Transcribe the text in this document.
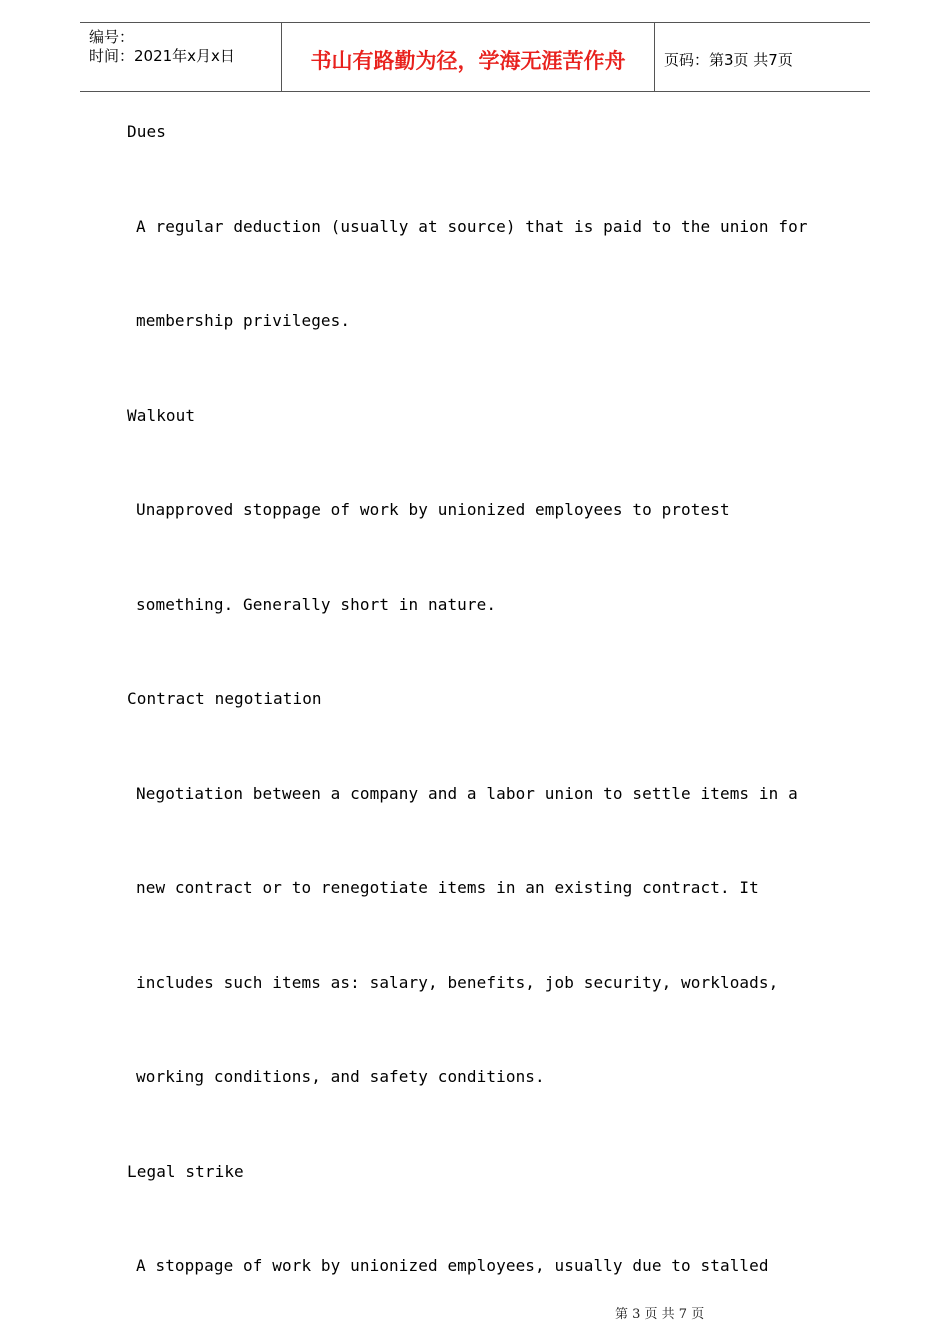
编号：
时间：2021年x月x日	书山有路勤为径，学海无涯苦作舟	页码：第3页 共7页
Dues
A regular deduction (usually at source) that is paid to the union for
membership privileges.
Walkout
Unapproved stoppage of work by unionized employees to protest
something. Generally short in nature.
Contract negotiation
Negotiation between a company and a labor union to settle items in a
new contract or to renegotiate items in an existing contract. It
includes such items as: salary, benefits, job security, workloads,
working conditions, and safety conditions.
Legal strike
A stoppage of work by unionized employees, usually due to stalled
第 3 页 共 7 页
